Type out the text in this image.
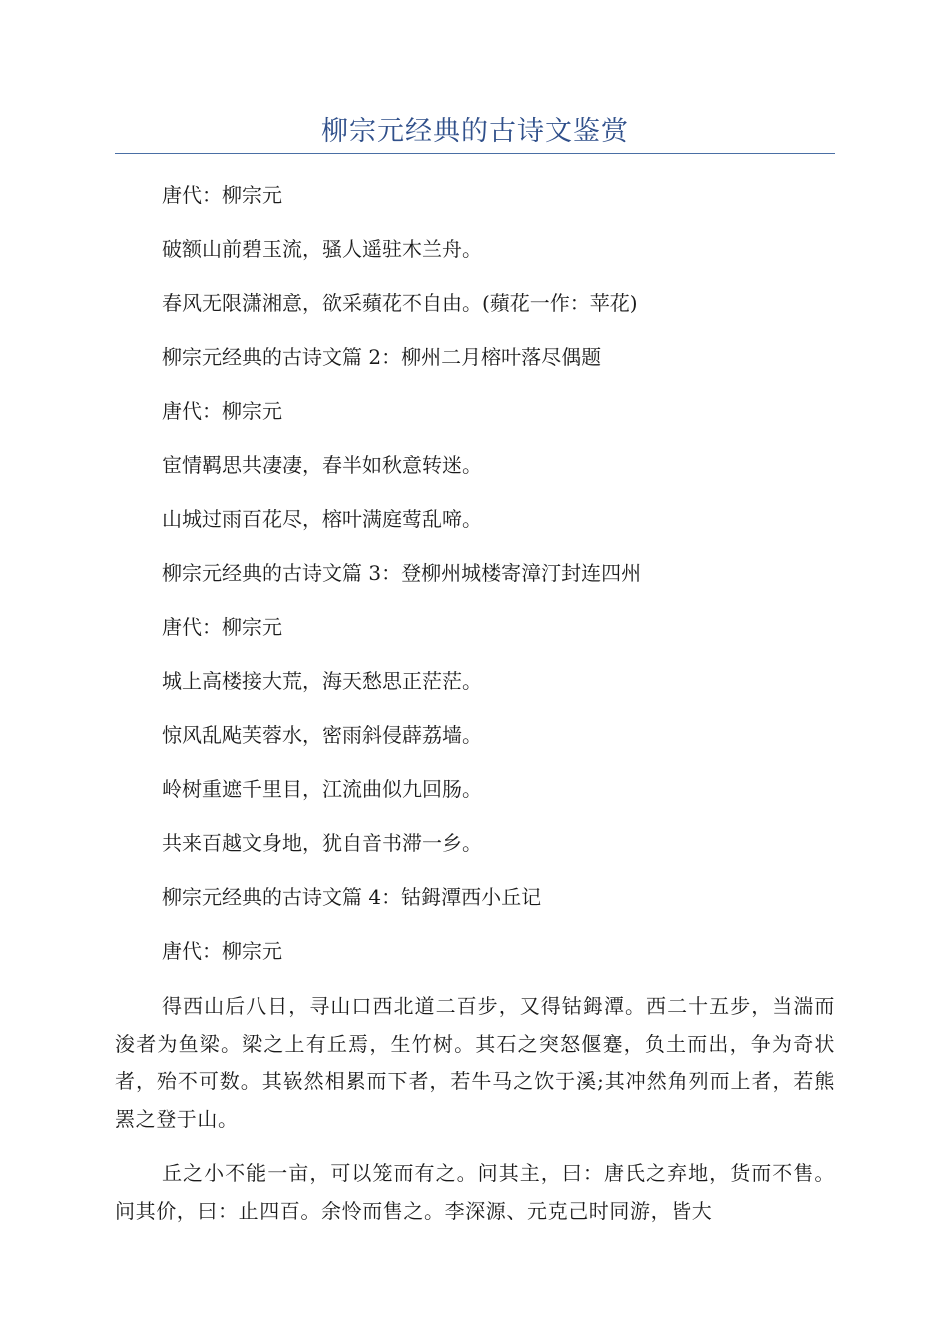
柳宗元经典的古诗文鉴赏
唐代：柳宗元
破额山前碧玉流，骚人遥驻木兰舟。
春风无限潇湘意，欲采蘋花不自由。(蘋花一作：苹花)
柳宗元经典的古诗文篇 2：柳州二月榕叶落尽偶题
唐代：柳宗元
宦情羁思共凄凄，春半如秋意转迷。
山城过雨百花尽，榕叶满庭莺乱啼。
柳宗元经典的古诗文篇 3：登柳州城楼寄漳汀封连四州
唐代：柳宗元
城上高楼接大荒，海天愁思正茫茫。
惊风乱飐芙蓉水，密雨斜侵薜荔墙。
岭树重遮千里目，江流曲似九回肠。
共来百越文身地，犹自音书滞一乡。
柳宗元经典的古诗文篇 4：钴鉧潭西小丘记
唐代：柳宗元
得西山后八日，寻山口西北道二百步，又得钴鉧潭。西二十五步，当湍而浚者为鱼梁。梁之上有丘焉，生竹树。其石之突怒偃蹇，负土而出，争为奇状者，殆不可数。其嵚然相累而下者，若牛马之饮于溪;其冲然角列而上者，若熊罴之登于山。
丘之小不能一亩，可以笼而有之。问其主，曰：唐氏之弃地，货而不售。问其价，曰：止四百。余怜而售之。李深源、元克己时同游，皆大
